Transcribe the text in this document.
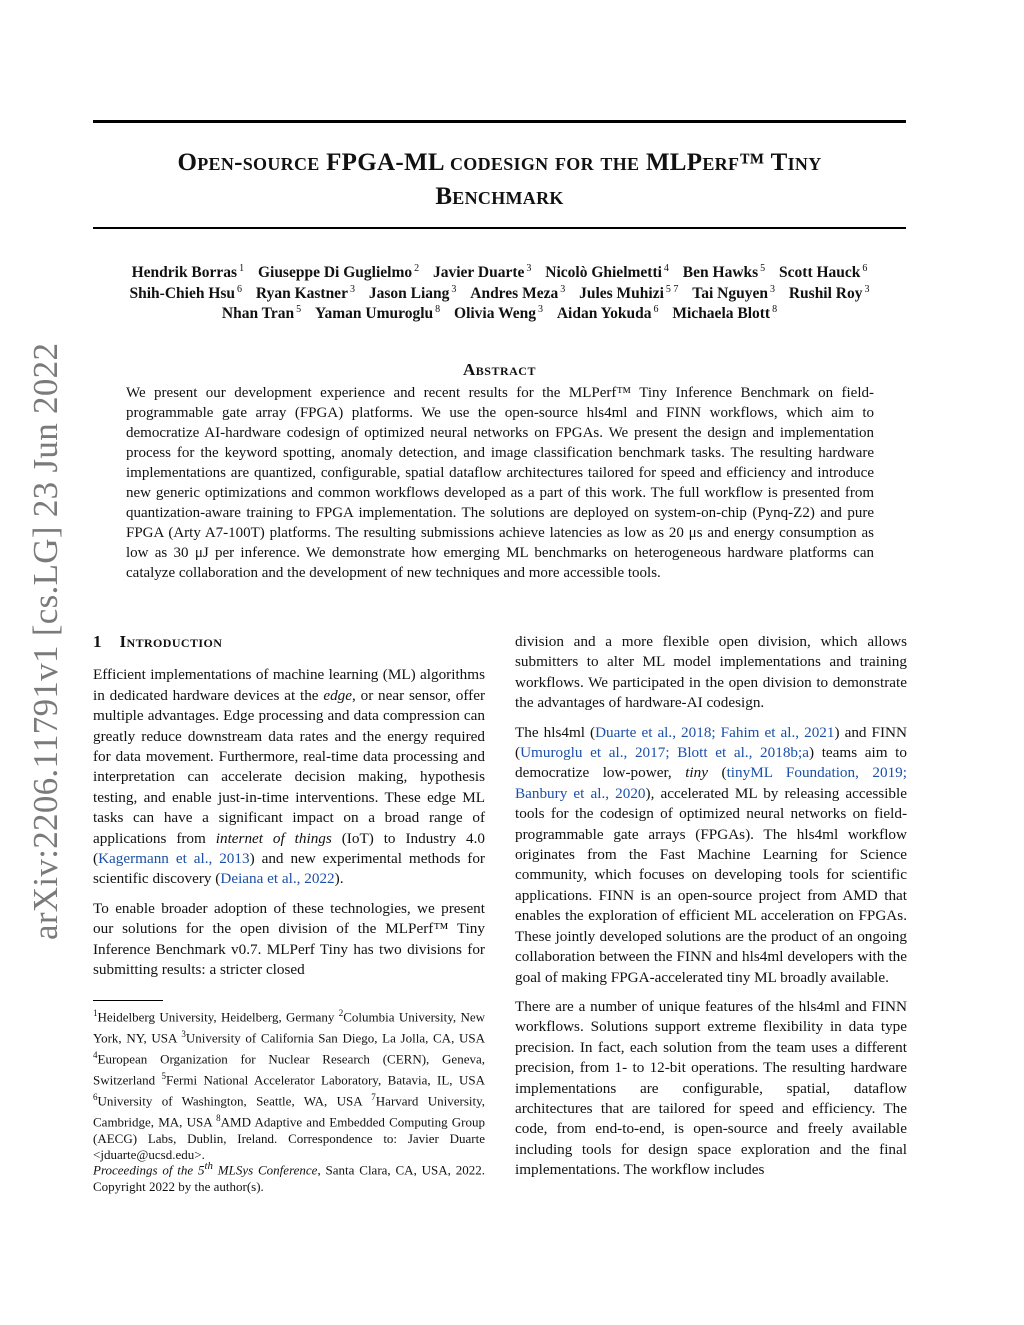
Open-source FPGA-ML codesign for the MLPerf™ Tiny
Benchmark
Hendrik Borras $^1$ Giuseppe Di Guglielmo $^2$ Javier Duarte $^3$ Nicolò Ghielmetti $^4$ Ben Hawks $^5$ Scott Hauck $^6$
Shih-Chieh Hsu $^6$ Ryan Kastner $^3$ Jason Liang $^3$ Andres Meza $^3$ Jules Muhizi $^{5 7}$ Tai Nguyen $^3$ Rushil Roy $^3$
Nhan Tran $^5$ Yaman Umuroglu $^8$ Olivia Weng $^3$ Aidan Yokuda $^6$ Michaela Blott $^8$
arXiv:2206.11791v1 [cs.LG] 23 Jun 2022	Abstract
We present our development experience and recent results for the MLPerf™ Tiny Inference Benchmark on field-programmable gate array (FPGA) platforms. We use the open-source hls4ml and FINN workflows, which aim to democratize AI-hardware codesign of optimized neural networks on FPGAs. We present the design and implementation process for the keyword spotting, anomaly detection, and image classification benchmark tasks. The resulting hardware implementations are quantized, configurable, spatial dataflow architectures tailored for speed and efficiency and introduce new generic optimizations and common workflows developed as a part of this work. The full workflow is presented from quantization-aware training to FPGA implementation. The solutions are deployed on system-on-chip (Pynq-Z2) and pure FPGA (Arty A7-100T) platforms. The resulting submissions achieve latencies as low as 20 μs and energy consumption as low as 30 μJ per inference. We demonstrate how emerging ML benchmarks on heterogeneous hardware platforms can catalyze collaboration and the development of new techniques and more accessible tools.
1 Introduction

Efficient implementations of machine learning (ML) algorithms in dedicated hardware devices at the edge, or near sensor, offer multiple advantages. Edge processing and data compression can greatly reduce downstream data rates and the energy required for data movement. Furthermore, real-time data processing and interpretation can accelerate decision making, hypothesis testing, and enable just-in-time interventions. These edge ML tasks can have a significant impact on a broad range of applications from internet of things (IoT) to Industry 4.0 (Kagermann et al., 2013) and new experimental methods for scientific discovery (Deiana et al., 2022).

To enable broader adoption of these technologies, we present our solutions for the open division of the MLPerf™ Tiny Inference Benchmark v0.7. MLPerf Tiny has two divisions for submitting results: a stricter closed

$^1$Heidelberg University, Heidelberg, Germany $^2$Columbia University, New York, NY, USA $^3$University of California San Diego, La Jolla, CA, USA $^4$European Organization for Nuclear Research (CERN), Geneva, Switzerland $^5$Fermi National Accelerator Laboratory, Batavia, IL, USA $^6$University of Washington, Seattle, WA, USA $^7$Harvard University, Cambridge, MA, USA $^8$AMD Adaptive and Embedded Computing Group (AECG) Labs, Dublin, Ireland. Correspondence to: Javier Duarte <jduarte@ucsd.edu>.
Proceedings of the 5th MLSys Conference, Santa Clara, CA, USA, 2022. Copyright 2022 by the author(s).

division and a more flexible open division, which allows submitters to alter ML model implementations and training workflows. We participated in the open division to demonstrate the advantages of hardware-AI codesign.

The hls4ml (Duarte et al., 2018; Fahim et al., 2021) and FINN (Umuroglu et al., 2017; Blott et al., 2018b;a) teams aim to democratize low-power, tiny (tinyML Foundation, 2019; Banbury et al., 2020), accelerated ML by releasing accessible tools for the codesign of optimized neural networks on field-programmable gate arrays (FPGAs). The hls4ml workflow originates from the Fast Machine Learning for Science community, which focuses on developing tools for scientific applications. FINN is an open-source project from AMD that enables the exploration of efficient ML acceleration on FPGAs. These jointly developed solutions are the product of an ongoing collaboration between the FINN and hls4ml developers with the goal of making FPGA-accelerated tiny ML broadly available.

There are a number of unique features of the hls4ml and FINN workflows. Solutions support extreme flexibility in data type precision. In fact, each solution from the team uses a different precision, from 1- to 12-bit operations. The resulting hardware implementations are configurable, spatial, dataflow architectures that are tailored for speed and efficiency. The code, from end-to-end, is open-source and freely available including tools for design space exploration and the final implementations. The workflow includes
